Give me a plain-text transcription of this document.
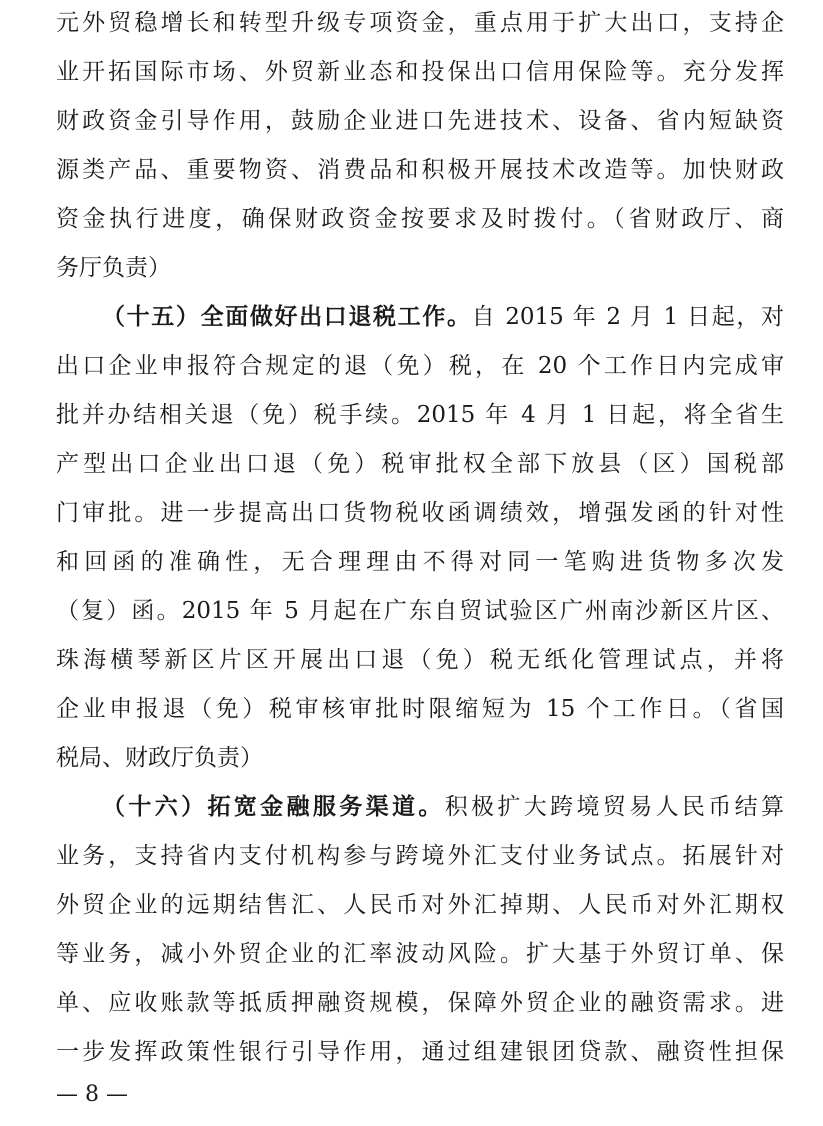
元外贸稳增长和转型升级专项资金，重点用于扩大出口，支持企
业开拓国际市场、外贸新业态和投保出口信用保险等。充分发挥
财政资金引导作用，鼓励企业进口先进技术、设备、省内短缺资
源类产品、重要物资、消费品和积极开展技术改造等。加快财政
资金执行进度，确保财政资金按要求及时拨付。（省财政厅、商
务厅负责）
（十五）全面做好出口退税工作。自 2015 年 2 月 1 日起，对
出口企业申报符合规定的退（免）税，在 20 个工作日内完成审
批并办结相关退（免）税手续。2015 年 4 月 1 日起，将全省生
产型出口企业出口退（免）税审批权全部下放县（区）国税部
门审批。进一步提高出口货物税收函调绩效，增强发函的针对性
和回函的准确性，无合理理由不得对同一笔购进货物多次发
（复）函。2015 年 5 月起在广东自贸试验区广州南沙新区片区、
珠海横琴新区片区开展出口退（免）税无纸化管理试点，并将
企业申报退（免）税审核审批时限缩短为 15 个工作日。（省国
税局、财政厅负责）
（十六）拓宽金融服务渠道。积极扩大跨境贸易人民币结算
业务，支持省内支付机构参与跨境外汇支付业务试点。拓展针对
外贸企业的远期结售汇、人民币对外汇掉期、人民币对外汇期权
等业务，减小外贸企业的汇率波动风险。扩大基于外贸订单、保
单、应收账款等抵质押融资规模，保障外贸企业的融资需求。进
一步发挥政策性银行引导作用，通过组建银团贷款、融资性担保
— 8 —
